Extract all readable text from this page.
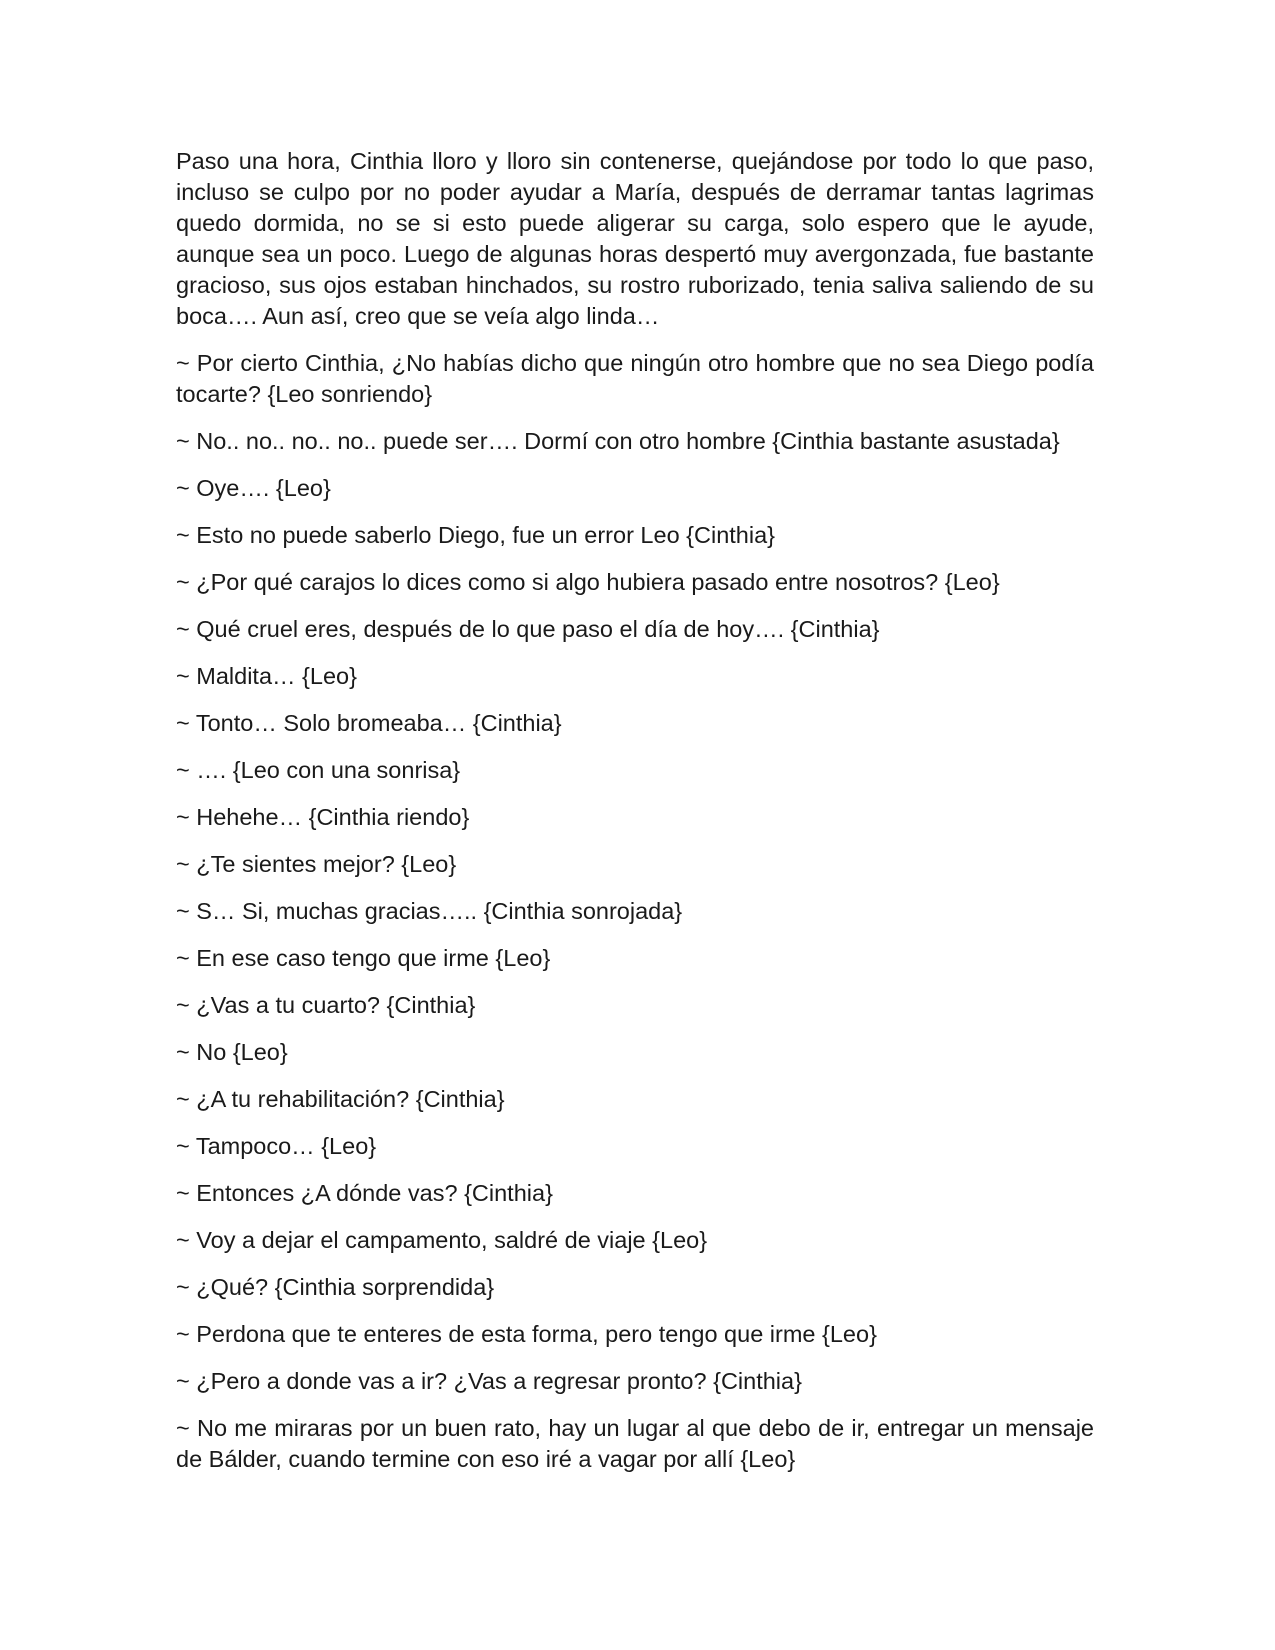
Paso una hora, Cinthia lloro y lloro sin contenerse, quejándose por todo lo que paso, incluso se culpo por no poder ayudar a María, después de derramar tantas lagrimas quedo dormida, no se si esto puede aligerar su carga, solo espero que le ayude, aunque sea un poco. Luego de algunas horas despertó muy avergonzada, fue bastante gracioso, sus ojos estaban hinchados, su rostro ruborizado, tenia saliva saliendo de su boca…. Aun así, creo que se veía algo linda…

~ Por cierto Cinthia, ¿No habías dicho que ningún otro hombre que no sea Diego podía tocarte? {Leo sonriendo}

~ No.. no.. no.. no.. puede ser…. Dormí con otro hombre {Cinthia bastante asustada}

~ Oye…. {Leo}

~ Esto no puede saberlo Diego, fue un error Leo {Cinthia}

~ ¿Por qué carajos lo dices como si algo hubiera pasado entre nosotros? {Leo}

~ Qué cruel eres, después de lo que paso el día de hoy…. {Cinthia}

~ Maldita… {Leo}

~ Tonto… Solo bromeaba… {Cinthia}

~ …. {Leo con una sonrisa}

~ Hehehe… {Cinthia riendo}

~ ¿Te sientes mejor? {Leo}

~ S… Si, muchas gracias….. {Cinthia sonrojada}

~ En ese caso tengo que irme {Leo}

~ ¿Vas a tu cuarto? {Cinthia}

~ No {Leo}

~ ¿A tu rehabilitación? {Cinthia}

~ Tampoco… {Leo}

~ Entonces ¿A dónde vas? {Cinthia}

~ Voy a dejar el campamento, saldré de viaje {Leo}

~ ¿Qué? {Cinthia sorprendida}

~ Perdona que te enteres de esta forma, pero tengo que irme {Leo}

~ ¿Pero a donde vas a ir? ¿Vas a regresar pronto? {Cinthia}

~ No me miraras por un buen rato, hay un lugar al que debo de ir, entregar un mensaje de Bálder, cuando termine con eso iré a vagar por allí {Leo}
